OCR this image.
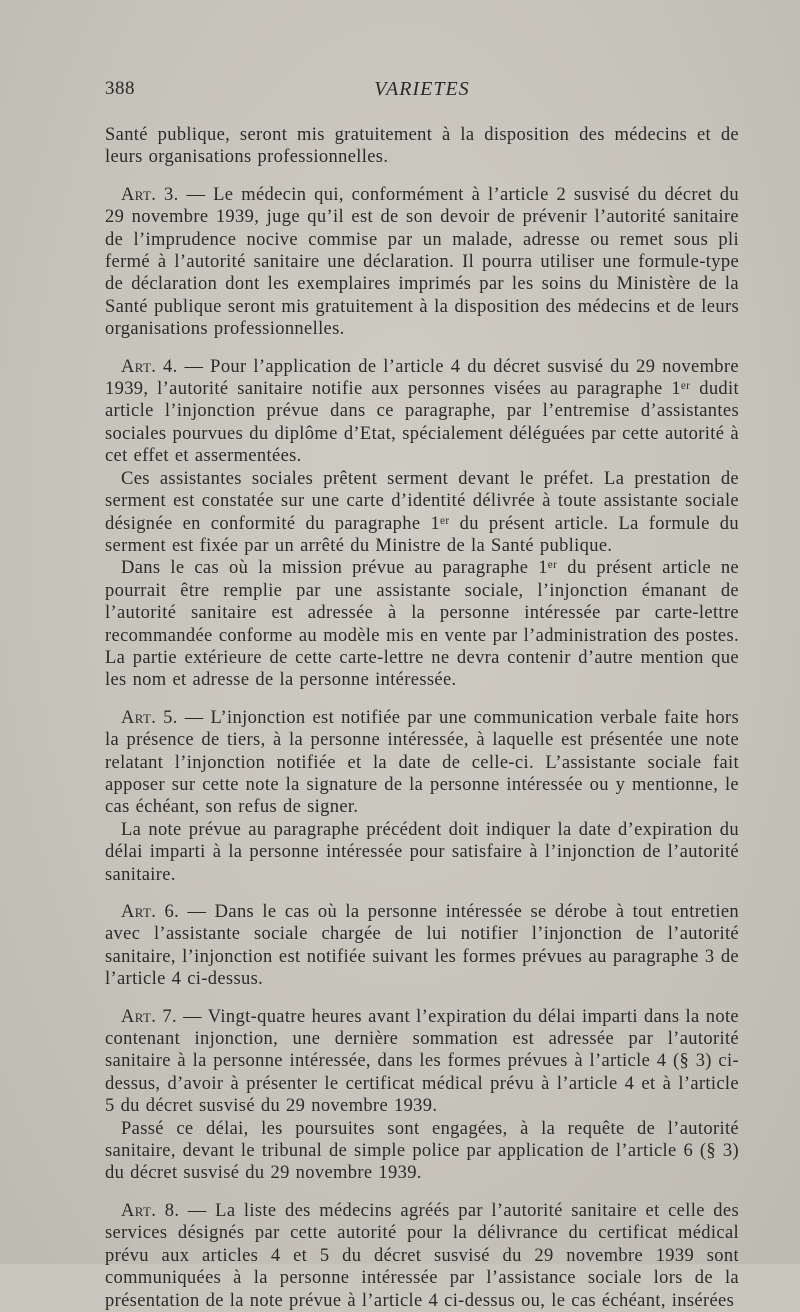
388	VARIETES

Santé publique, seront mis gratuitement à la disposition des médecins et de leurs organisations professionnelles.

Art. 3. — Le médecin qui, conformément à l’article 2 susvisé du décret du 29 novembre 1939, juge qu’il est de son devoir de prévenir l’autorité sanitaire de l’imprudence nocive commise par un malade, adresse ou remet sous pli fermé à l’autorité sanitaire une déclaration. Il pourra utiliser une formule-type de déclaration dont les exemplaires imprimés par les soins du Ministère de la Santé publique seront mis gratuitement à la disposition des médecins et de leurs organisations professionnelles.

Art. 4. — Pour l’application de l’article 4 du décret susvisé du 29 novembre 1939, l’autorité sanitaire notifie aux personnes visées au paragraphe 1ᵉʳ dudit article l’injonction prévue dans ce paragraphe, par l’entremise d’assistantes sociales pourvues du diplôme d’Etat, spécialement déléguées par cette autorité à cet effet et assermentées.

Ces assistantes sociales prêtent serment devant le préfet. La prestation de serment est constatée sur une carte d’identité délivrée à toute assistante sociale désignée en conformité du paragraphe 1ᵉʳ du présent article. La formule du serment est fixée par un arrêté du Ministre de la Santé publique.

Dans le cas où la mission prévue au paragraphe 1ᵉʳ du présent article ne pourrait être remplie par une assistante sociale, l’injonction émanant de l’autorité sanitaire est adressée à la personne intéressée par carte-lettre recommandée conforme au modèle mis en vente par l’administration des postes. La partie extérieure de cette carte-lettre ne devra contenir d’autre mention que les nom et adresse de la personne intéressée.

Art. 5. — L’injonction est notifiée par une communication verbale faite hors la présence de tiers, à la personne intéressée, à laquelle est présentée une note relatant l’injonction notifiée et la date de celle-ci. L’assistante sociale fait apposer sur cette note la signature de la personne intéressée ou y mentionne, le cas échéant, son refus de signer.

La note prévue au paragraphe précédent doit indiquer la date d’expiration du délai imparti à la personne intéressée pour satisfaire à l’injonction de l’autorité sanitaire.

Art. 6. — Dans le cas où la personne intéressée se dérobe à tout entretien avec l’assistante sociale chargée de lui notifier l’injonction de l’autorité sanitaire, l’injonction est notifiée suivant les formes prévues au paragraphe 3 de l’article 4 ci-dessus.

Art. 7. — Vingt-quatre heures avant l’expiration du délai imparti dans la note contenant injonction, une dernière sommation est adressée par l’autorité sanitaire à la personne intéressée, dans les formes prévues à l’article 4 (§ 3) ci-dessus, d’avoir à présenter le certificat médical prévu à l’article 4 et à l’article 5 du décret susvisé du 29 novembre 1939.

Passé ce délai, les poursuites sont engagées, à la requête de l’autorité sanitaire, devant le tribunal de simple police par application de l’article 6 (§ 3) du décret susvisé du 29 novembre 1939.

Art. 8. — La liste des médecins agréés par l’autorité sanitaire et celle des services désignés par cette autorité pour la délivrance du certificat médical prévu aux articles 4 et 5 du décret susvisé du 29 novembre 1939 sont communiquées à la personne intéressée par l’assistance sociale lors de la présentation de la note prévue à l’article 4 ci-dessus ou, le cas échéant, insérées
